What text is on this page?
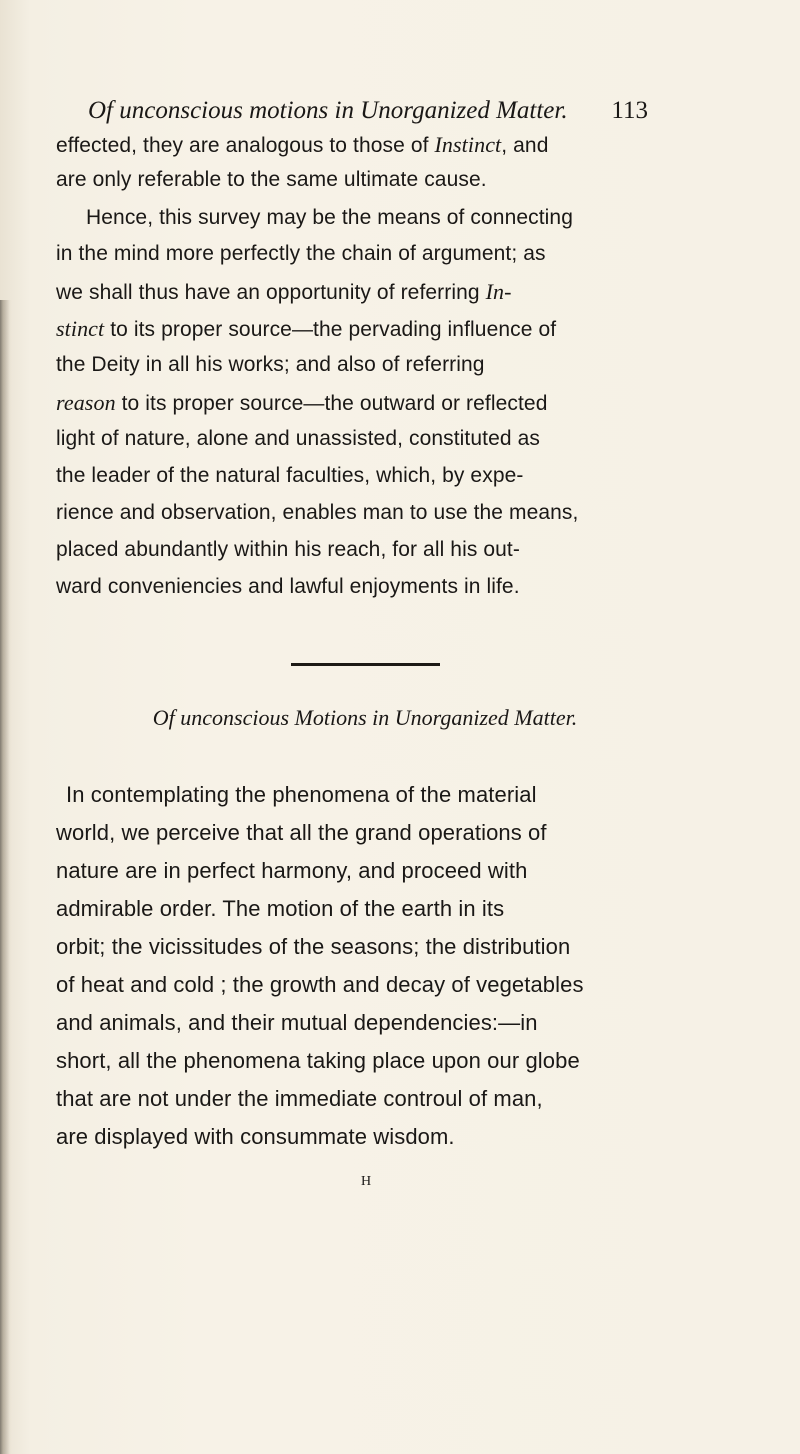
Of unconscious motions in Unorganized Matter. 113
effected, they are analogous to those of Instinct, and
are only referable to the same ultimate cause.
Hence, this survey may be the means of connecting
in the mind more perfectly the chain of argument; as
we shall thus have an opportunity of referring In-
stinct to its proper source—the pervading influence of
the Deity in all his works; and also of referring
reason to its proper source—the outward or reflected
light of nature, alone and unassisted, constituted as
the leader of the natural faculties, which, by expe-
rience and observation, enables man to use the means,
placed abundantly within his reach, for all his out-
ward conveniencies and lawful enjoyments in life.
Of unconscious Motions in Unorganized Matter.
In contemplating the phenomena of the material
world, we perceive that all the grand operations of
nature are in perfect harmony, and proceed with
admirable order. The motion of the earth in its
orbit; the vicissitudes of the seasons; the distribution
of heat and cold ; the growth and decay of vegetables
and animals, and their mutual dependencies:—in
short, all the phenomena taking place upon our globe
that are not under the immediate controul of man,
are displayed with consummate wisdom.
H
